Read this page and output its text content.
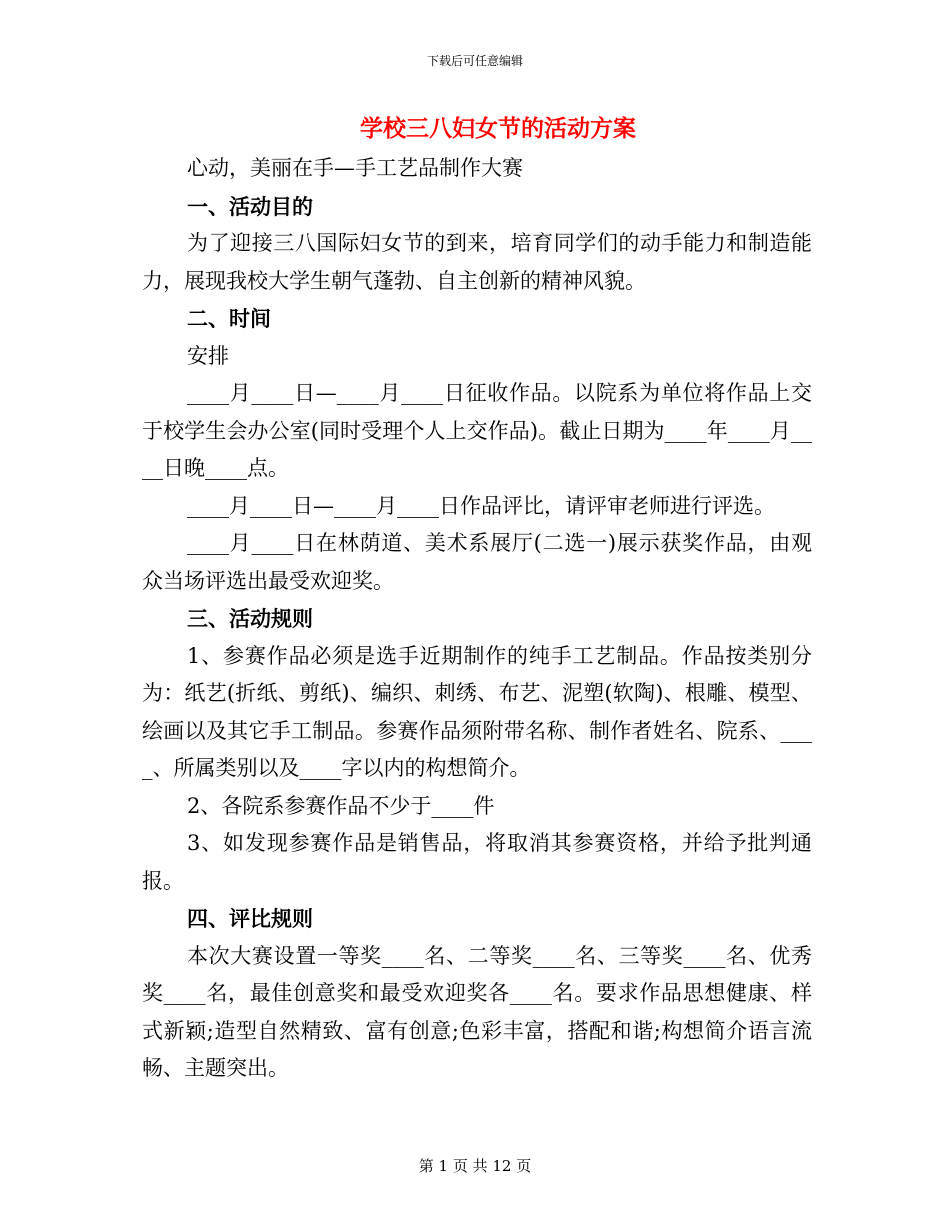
下载后可任意编辑
学校三八妇女节的活动方案

心动，美丽在手—手工艺品制作大赛

一、活动目的

为了迎接三八国际妇女节的到来，培育同学们的动手能力和制造能力，展现我校大学生朝气蓬勃、自主创新的精神风貌。

二、时间

安排

____月____日—____月____日征收作品。以院系为单位将作品上交于校学生会办公室(同时受理个人上交作品)。截止日期为____年____月____日晚____点。

____月____日—____月____日作品评比，请评审老师进行评选。

____月____日在林荫道、美术系展厅(二选一)展示获奖作品，由观众当场评选出最受欢迎奖。

三、活动规则

1、参赛作品必须是选手近期制作的纯手工艺制品。作品按类别分为：纸艺(折纸、剪纸)、编织、刺绣、布艺、泥塑(软陶)、根雕、模型、绘画以及其它手工制品。参赛作品须附带名称、制作者姓名、院系、____、所属类别以及____字以内的构想简介。

2、各院系参赛作品不少于____件

3、如发现参赛作品是销售品，将取消其参赛资格，并给予批判通报。

四、评比规则

本次大赛设置一等奖____名、二等奖____名、三等奖____名、优秀奖____名，最佳创意奖和最受欢迎奖各____名。要求作品思想健康、样式新颖;造型自然精致、富有创意;色彩丰富，搭配和谐;构想简介语言流畅、主题突出。

第 1 页 共 12 页
